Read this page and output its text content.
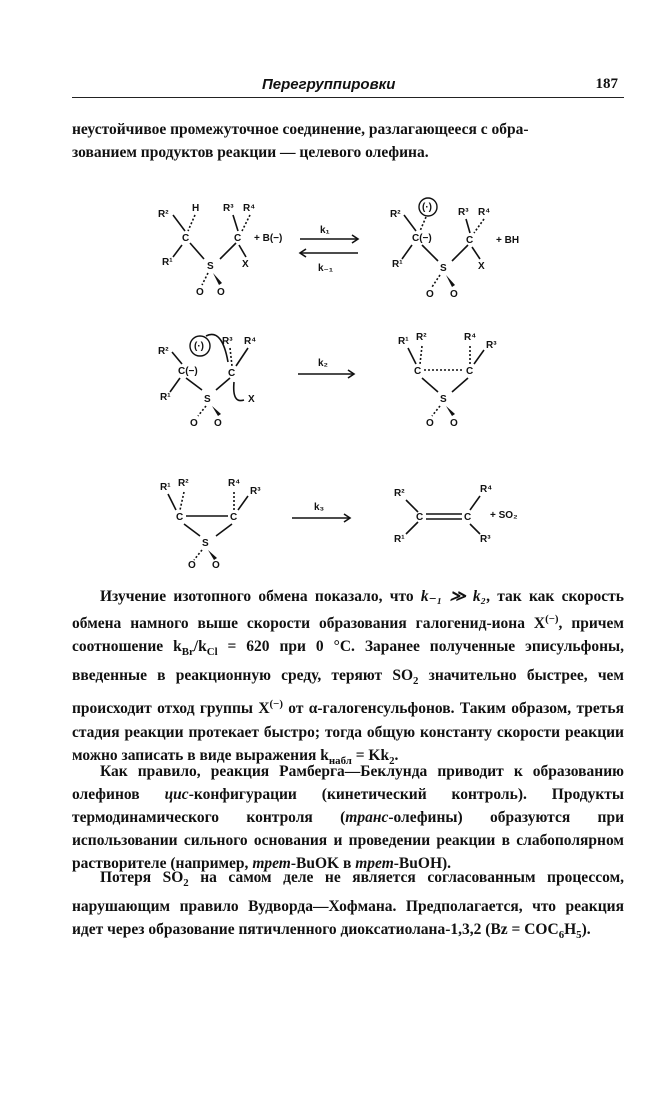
Перегруппировки	187

неустойчивое промежуточное соединение, разлагающееся с обра-
зованием продуктов реакции — целевого олефина.

R²
H
C
R¹
R³ R⁴
C
S	X
O O
+ B(−)
k₁
k₋₁
(·)
R²
C(−)
R¹
R³ R⁴
C
S	X
O O
+ BH
(·)
R²
C(−)
R¹
R³ R⁴
C
S	X
O O
k₂
R¹ R²
C
R⁴
R³
C
S
O O
R¹ R²
C
R⁴
R³
C
S
O O
k₃
R²
C	C
R¹
R⁴
R³
+ SO₂

Изучение изотопного обмена показало, что k₋₁ ≫ k₂, так как скорость обмена намного выше скорости образования галогенид-иона X(−), причем соотношение $k_{Br}/k_{Cl} = 620$ при 0 °С. Заранее полученные эписульфоны, введенные в реакционную среду, теряют $SO_2$ значительно быстрее, чем происходит отход группы X(−) от α-галогенсульфонов. Таким образом, третья стадия реакции протекает быстро; тогда общую константу скорости реакции можно записать в виде выражения $k_{набл} = Kk_2$.

Как правило, реакция Рамберга—Беклунда приводит к образованию олефинов цис-конфигурации (кинетический контроль). Продукты термодинамического контроля (транс-олефины) образуются при использовании сильного основания и проведении реакции в слабополярном растворителе (например, трет-BuOK в трет-BuOH).

Потеря $SO_2$ на самом деле не является согласованным процессом, нарушающим правило Вудворда—Хофмана. Предполагается, что реакция идет через образование пятичленного диоксатиолана-1,3,2 $(Bz = COC_6H_5)$.
